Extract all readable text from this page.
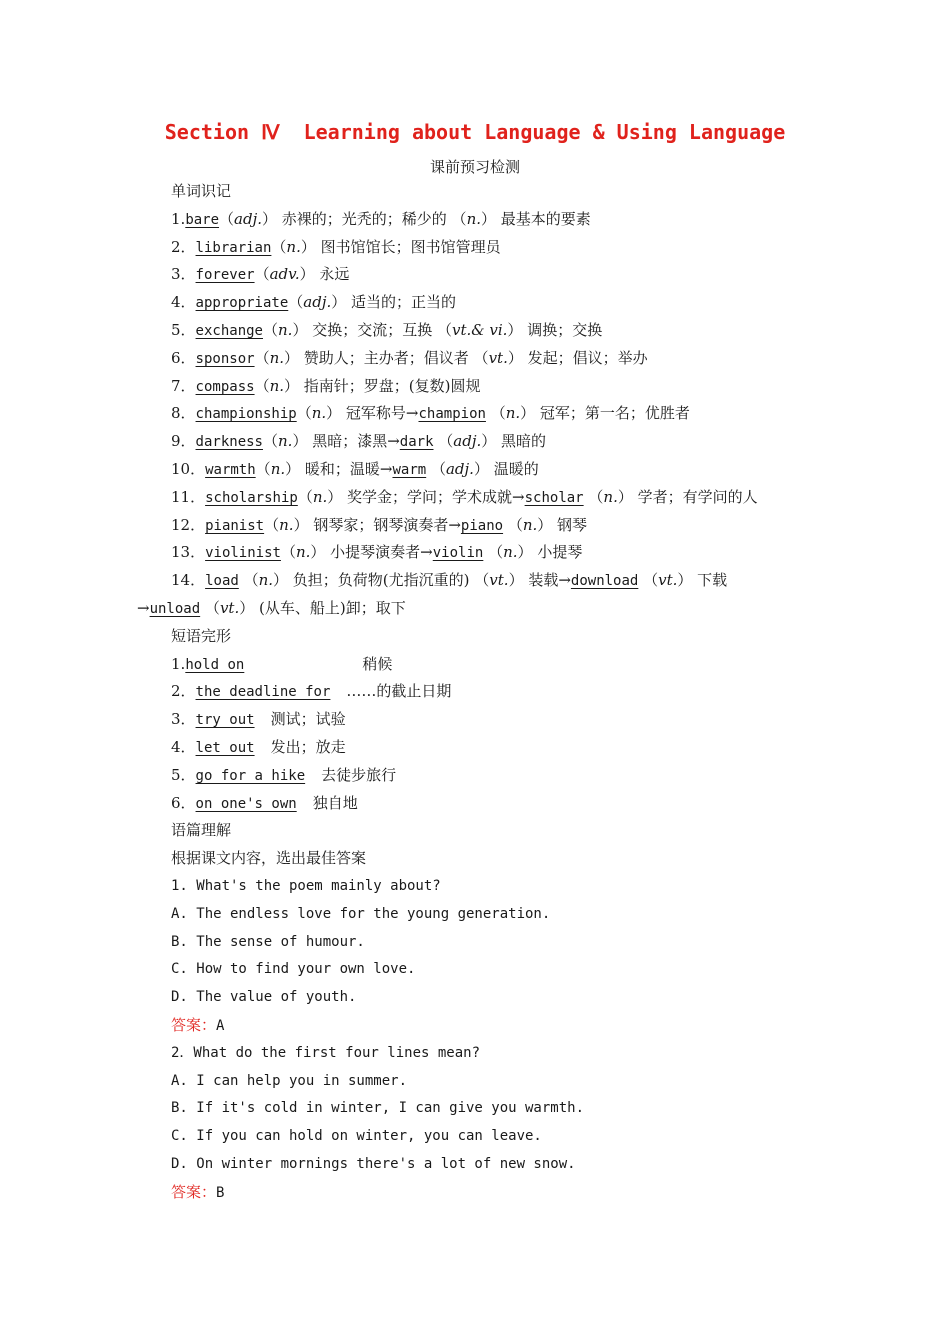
Section Ⅳ  Learning about Language & Using Language
课前预习检测
单词识记
1.bare（adj.） 赤裸的；光秃的；稀少的 （n.） 最基本的要素
2．librarian（n.） 图书馆馆长；图书馆管理员
3．forever（adv.） 永远
4．appropriate（adj.） 适当的；正当的
5．exchange（n.） 交换；交流；互换 （vt.& vi.） 调换；交换
6．sponsor（n.） 赞助人；主办者；倡议者 （vt.） 发起；倡议；举办
7．compass（n.） 指南针；罗盘；(复数)圆规
8．championship（n.） 冠军称号→champion （n.） 冠军；第一名；优胜者
9．darkness（n.） 黑暗；漆黑→dark （adj.） 黑暗的
10．warmth（n.） 暖和；温暖→warm （adj.） 温暖的
11．scholarship（n.） 奖学金；学问；学术成就→scholar （n.） 学者；有学问的人
12．pianist（n.） 钢琴家；钢琴演奏者→piano （n.） 钢琴
13．violinist（n.） 小提琴演奏者→violin （n.） 小提琴
14．load （n.） 负担；负荷物(尤指沉重的) （vt.） 装载→download （vt.） 下载
→unload （vt.） (从车、船上)卸；取下
短语完形
1.hold on	稍候
2．the deadline for ……的截止日期
3．try out 测试；试验
4．let out 发出；放走
5．go for a hike 去徒步旅行
6．on one's own 独自地
语篇理解
根据课文内容，选出最佳答案
1. What's the poem mainly about?
A. The endless love for the young generation.
B. The sense of humour.
C. How to find your own love.
D. The value of youth.
答案：A
2．What do the first four lines mean?
A. I can help you in summer.
B. If it's cold in winter, I can give you warmth.
C. If you can hold on winter, you can leave.
D. On winter mornings there's a lot of new snow.
答案：B
